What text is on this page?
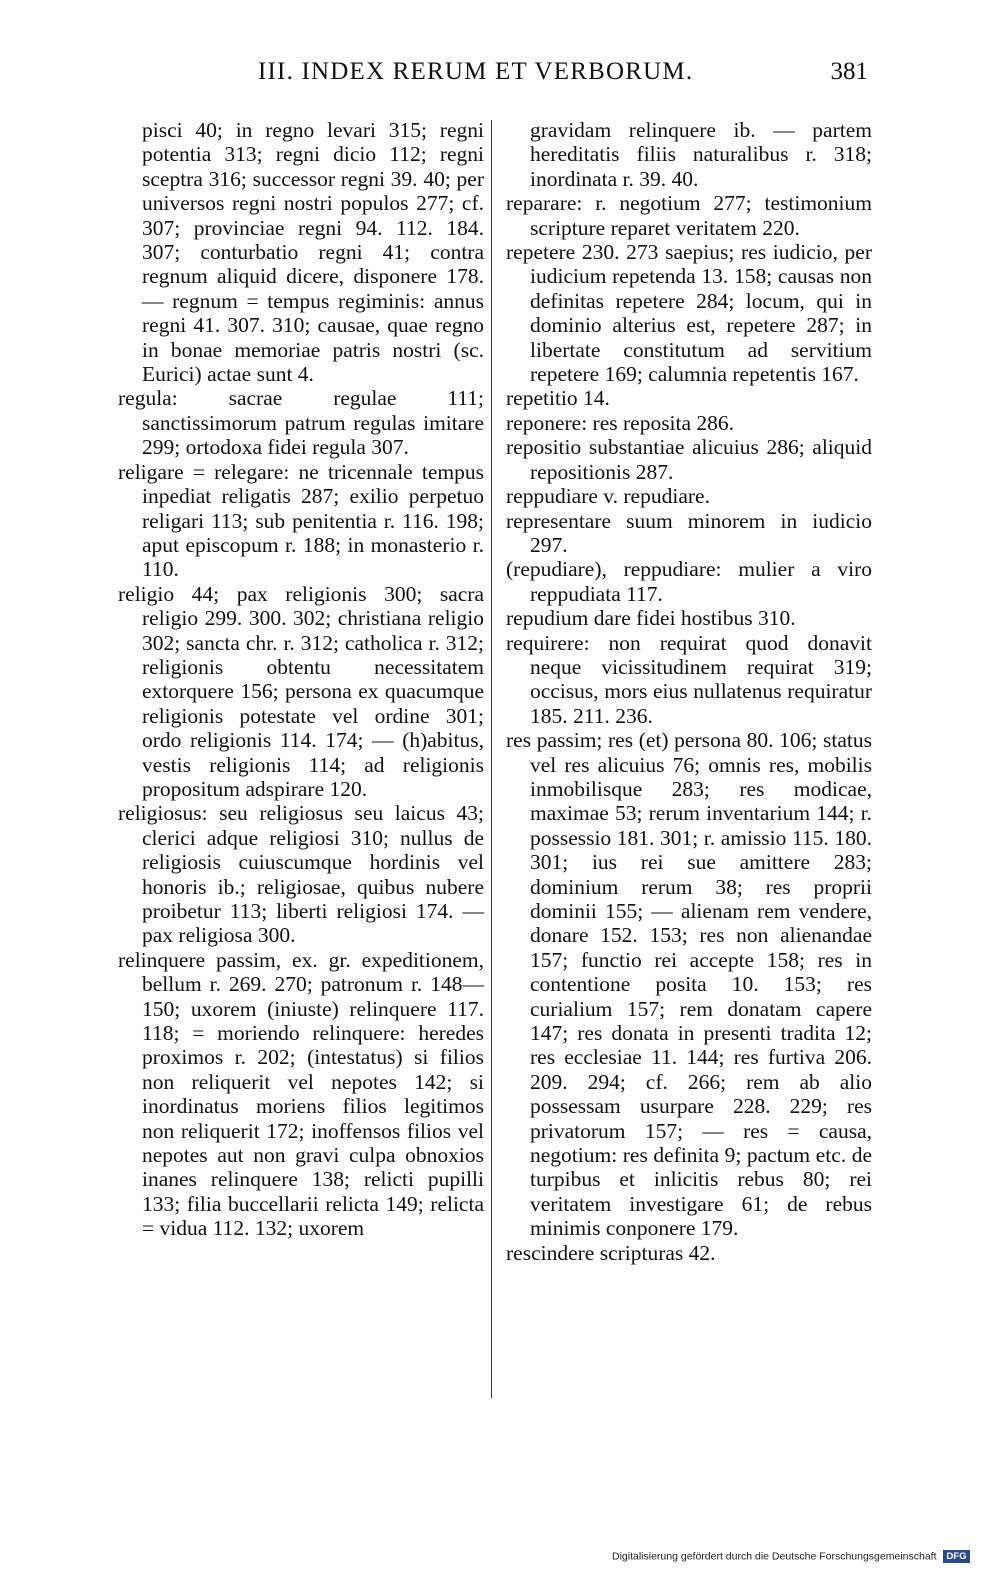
III. INDEX RERUM ET VERBORUM.	381

pisci 40; in regno levari 315; regni potentia 313; regni dicio 112; regni sceptra 316; successor regni 39. 40; per universos regni nostri populos 277; cf. 307; provinciae regni 94. 112. 184. 307; conturbatio regni 41; contra regnum aliquid dicere, disponere 178. — regnum = tempus regiminis: annus regni 41. 307. 310; causae, quae regno in bonae memoriae patris nostri (sc. Eurici) actae sunt 4.

regula: sacrae regulae 111; sanctissimorum patrum regulas imitare 299; ortodoxa fidei regula 307.

religare = relegare: ne tricennale tempus inpediat religatis 287; exilio perpetuo religari 113; sub penitentia r. 116. 198; aput episcopum r. 188; in monasterio r. 110.

religio 44; pax religionis 300; sacra religio 299. 300. 302; christiana religio 302; sancta chr. r. 312; catholica r. 312; religionis obtentu necessitatem extorquere 156; persona ex quacumque religionis potestate vel ordine 301; ordo religionis 114. 174; — (h)abitus, vestis religionis 114; ad religionis propositum adspirare 120.

religiosus: seu religiosus seu laicus 43; clerici adque religiosi 310; nullus de religiosis cuiuscumque hordinis vel honoris ib.; religiosae, quibus nubere proibetur 113; liberti religiosi 174. — pax religiosa 300.

relinquere passim, ex. gr. expeditionem, bellum r. 269. 270; patronum r. 148—150; uxorem (iniuste) relinquere 117. 118; = moriendo relinquere: heredes proximos r. 202; (intestatus) si filios non reliquerit vel nepotes 142; si inordinatus moriens filios legitimos non reliquerit 172; inoffensos filios vel nepotes aut non gravi culpa obnoxios inanes relinquere 138; relicti pupilli 133; filia buccellarii relicta 149; relicta = vidua 112. 132; uxorem

gravidam relinquere ib. — partem hereditatis filiis naturalibus r. 318; inordinata r. 39. 40.

reparare: r. negotium 277; testimonium scripture reparet veritatem 220.

repetere 230. 273 saepius; res iudicio, per iudicium repetenda 13. 158; causas non definitas repetere 284; locum, qui in dominio alterius est, repetere 287; in libertate constitutum ad servitium repetere 169; calumnia repetentis 167.

repetitio 14.

reponere: res reposita 286.

repositio substantiae alicuius 286; aliquid repositionis 287.

reppudiare v. repudiare.

representare suum minorem in iudicio 297.

(repudiare), reppudiare: mulier a viro reppudiata 117.

repudium dare fidei hostibus 310.

requirere: non requirat quod donavit neque vicissitudinem requirat 319; occisus, mors eius nullatenus requiratur 185. 211. 236.

res passim; res (et) persona 80. 106; status vel res alicuius 76; omnis res, mobilis inmobilisque 283; res modicae, maximae 53; rerum inventarium 144; r. possessio 181. 301; r. amissio 115. 180. 301; ius rei sue amittere 283; dominium rerum 38; res proprii dominii 155; — alienam rem vendere, donare 152. 153; res non alienandae 157; functio rei accepte 158; res in contentione posita 10. 153; res curialium 157; rem donatam capere 147; res donata in presenti tradita 12; res ecclesiae 11. 144; res furtiva 206. 209. 294; cf. 266; rem ab alio possessam usurpare 228. 229; res privatorum 157; — res = causa, negotium: res definita 9; pactum etc. de turpibus et inlicitis rebus 80; rei veritatem investigare 61; de rebus minimis conponere 179.

rescindere scripturas 42.

Digitalisierung gefördert durch die Deutsche Forschungsgemeinschaft DFG
